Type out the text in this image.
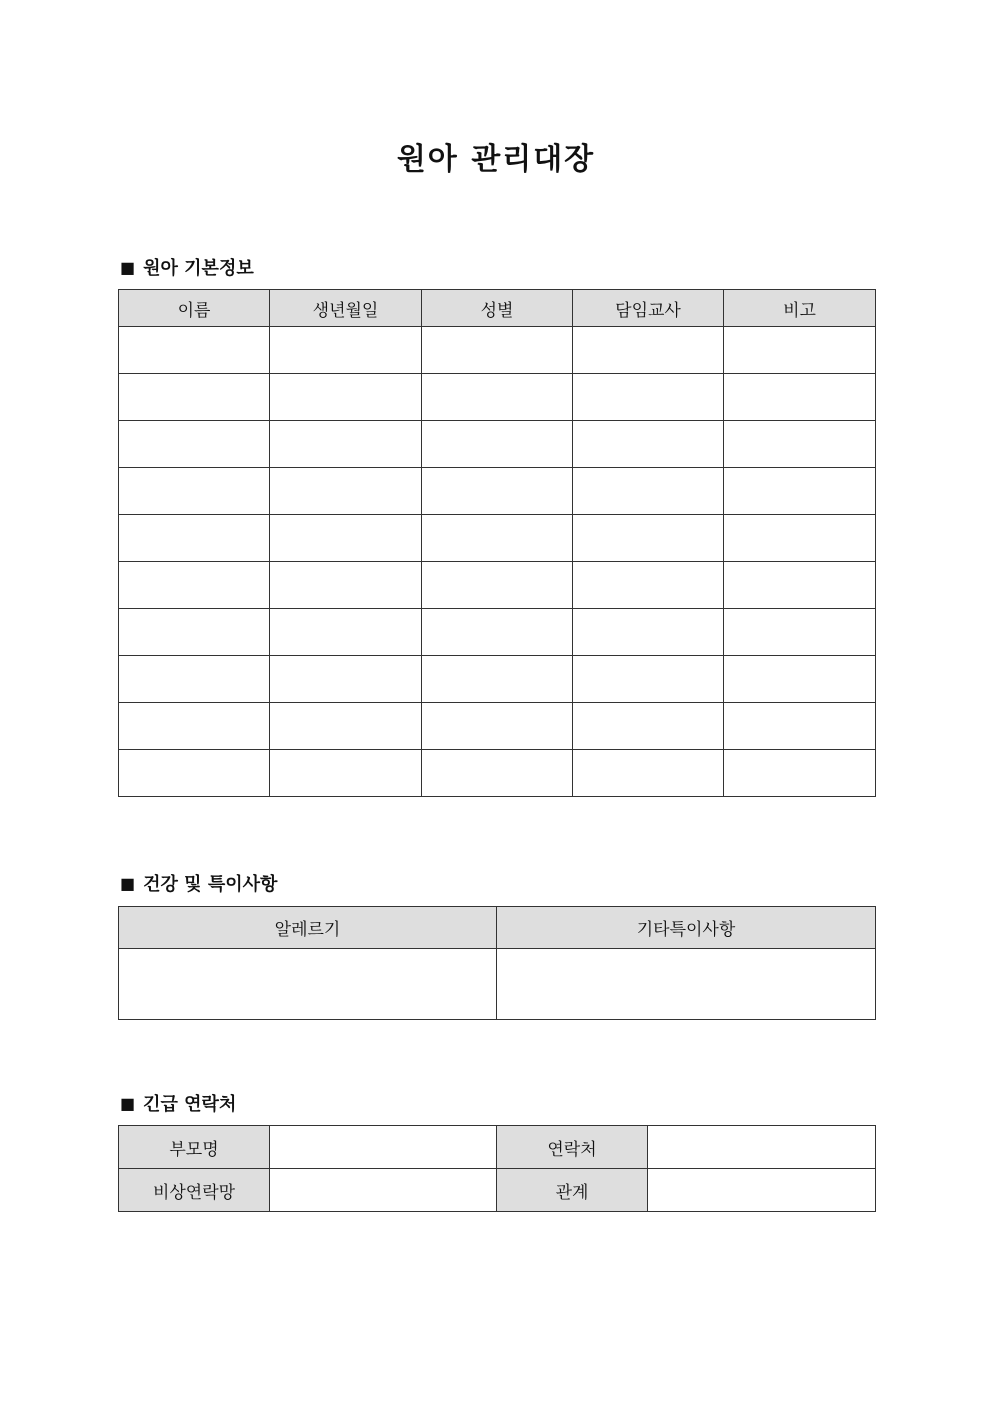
원아 관리대장
■ 원아 기본정보
이름	생년월일	성별	담임교사	비고

■ 건강 및 특이사항
알레르기	기타특이사항

■ 긴급 연락처
부모명		연락처	
비상연락망		관계	
